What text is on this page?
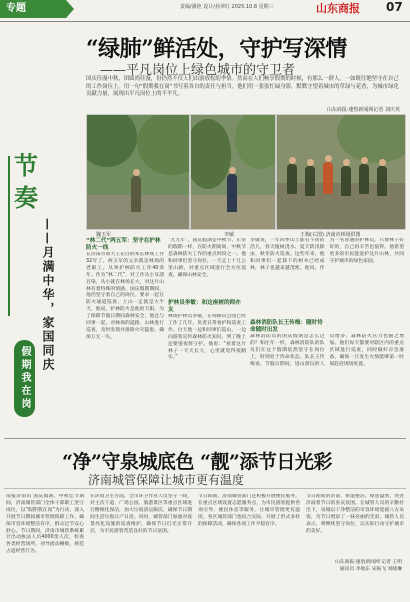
专题	责编/潘艳 设计/孙翠红 2025.10.8 星期三	山东商报 07
“绿肺”鲜活处，守护写深情
——平凡岗位上绿色城市的守卫者
国庆佳漫中秋，团圆尚佳漫，份仍然不仅人们出游放松的季情。然而在人们畅享假期的时候，有那么一群人，一如既往地坚守在自己的工作岗位上。用一句“假期我在岗”书写着各自的责任与担当。他们用一张张忙碌身影，默默守望着城市的草绿与花香，为城市绿化贡献力量，展现出平凡岗位上的不平凡。
山东商报·速豹新闻网记者 刘庆英
魏玉军	李敏	王梅(右图) 济南市林场供图
节
奏
——月满中华，家国同庆
假期我在岗
“林二代”两五军：坚守在护林防火一线
在济南市原大王长白阴本长林场工作32年了，两玉军的父亲就是林场的老职工。从事护林防火工作40余年。作为“林二代”，对工作从小耳濡目染，从小就在林场长大，对这片山林有着特殊的情感。国庆假期期间，他仍坚守着自己的岗位。要求一起在防火通道巡查，上山一走就是大半天，他说，护林防火是他的天职。为了保障节假日期间森林安全，他还与同事一起，对林场的道路、山林进行巡查，及时发现并排除火灾隐患，确保万无一失。
“九九年”，国庆假期是中秋节，正常的假期一样，在防火期间间，中秋节是森林防火工作的重点时段之一。他和同事们坚守岗位，一天走上十几公里山路，对重点区域进行全方位巡查，确保山林安全。
护林员李敏：和这座树的师亦友
林场护林员李敏，在舜耕山公园已经工作了几年，负责日常看护和巡查工作。白天他一边和同事们巡山，一边向游客宣传森林防火知识，到了晚上还要值夜班守护。他说：“看着这片林子一天天长大，心里就觉得很踏实。”
李敏说，一年四季山上都有不同的活儿，春天植树浇水、夏天防汛除虫、秋冬防火巡查。这些年来，他和同事们一起栽下的树木已经成林，林子也越来越茂密。他说，作为一名普通的护林员，只要林子好好的，自己再辛苦也值得。他希望更多的市民能爱护这片山林，共同守护城市的绿色家园。
森林消防队长王传梅：随时待命随时出发
森林消防员的国庆假期是怎么过的？和往年一样，森林消防队的队员们在这个假期依然坚守在岗位上，时刻处于待命状态。队长王传梅说，节假日期间，进山游玩的人员增多，森林防火压力也随之增加。他们每天都要对辖区内的重点区域进行巡查，同时做好应急准备，确保一旦发生火情能够第一时间赶赴现场处置。
“净”守泉城底色 “靓”添节日光彩
济南城管保障让城市更有温度
南报济南讯 国庆假期、中秋佳节期间，济南城管部门全体干部职工坚守岗位，以“假期我在岗”为行动，深入开展节日期间城市管理保障工作，确保市容环境整洁有序，群众过节安心舒心。节日期间，济南市城管系统累计出动执法人员4000余人次，检查各类经营场所，劝导流动摊贩，规范占道经营行为。
在环境卫生方面，全市环卫作业人员坚守一线，对主次干道、广场公园、旅游景区等重点区域进行精细化保洁，加大垃圾清运频次，确保节日期间生活垃圾日产日清。同时，城管部门加强对夜景亮化设施的巡查维护，确保节日灯光正常开启，为市民游客营造良好的节日氛围。
节日期间，济南城管部门还积极开展便民服务，在重点区域设置志愿服务点，为市民游客提供咨询引导、便民休息等服务，让城市管理更有温度。各区城管部门也结合实际，开展了形式多样的保障活动，确保各项工作平稳有序。
节日期间的济南，街道整洁、绿意盎然，处处洋溢着节日的喜庆氛围。在城管人员的辛勤付出下，泉城以干净整洁的市容环境迎接八方来客，为节日增添了一抹亮丽的光彩。城管人员表示，将继续坚守岗位，以实际行动守护城市的美好。
山东商报·速豹新闻网 记者 王明 通讯员 李航东 宋振飞 刘晓琳
